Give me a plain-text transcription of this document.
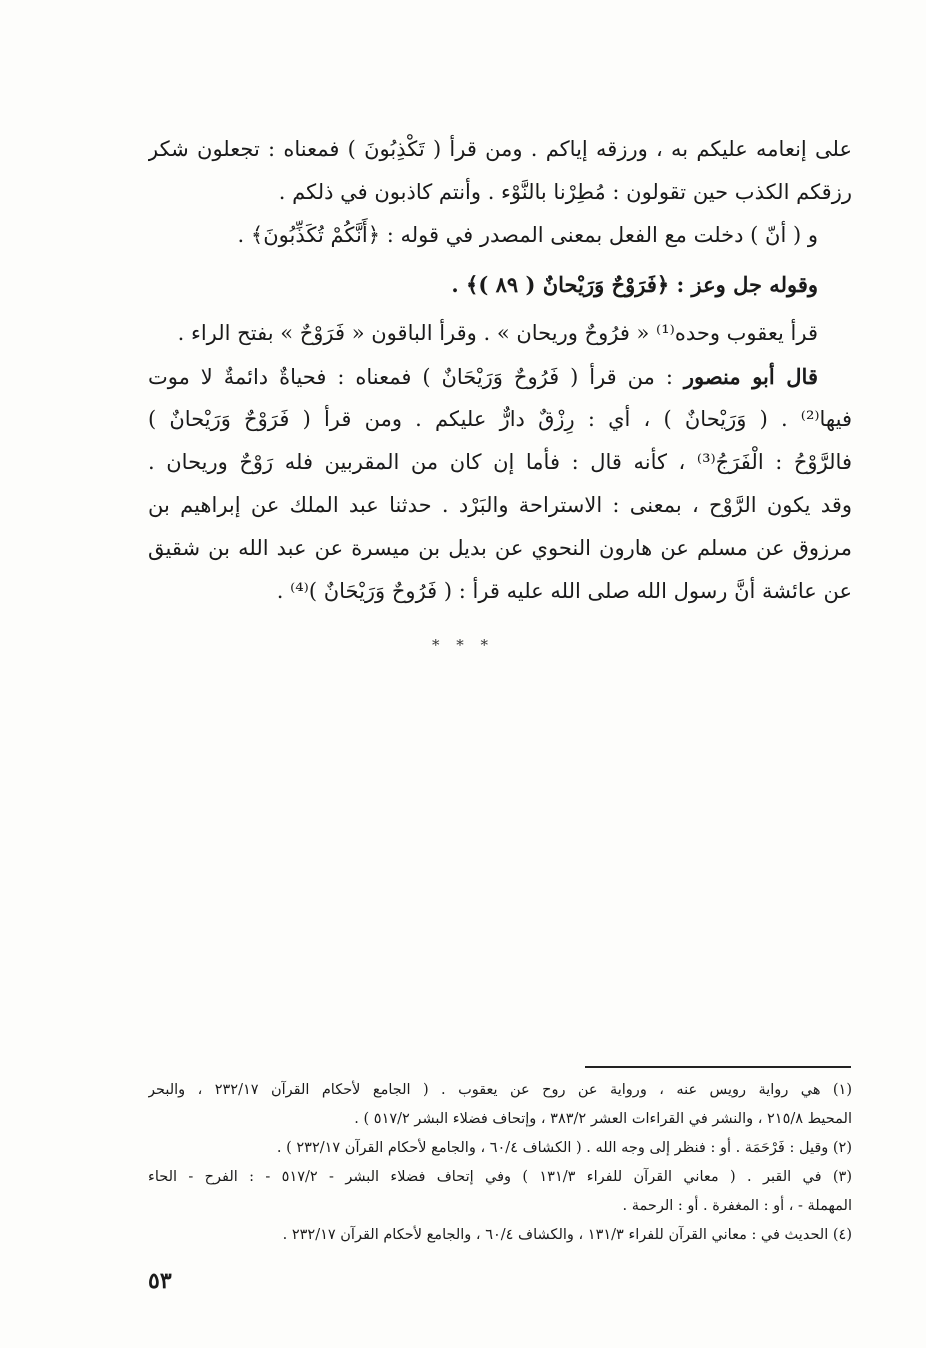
على إنعامه عليكم به ، ورزقه إياكم . ومن قرأ ( تَكْذِبُونَ ) فمعناه : تجعلون شكر
رزقكم الكذب حين تقولون : مُطِرْنا بالنَّوْء . وأنتم كاذبون في ذلكم .
و ( أنّ ) دخلت مع الفعل بمعنى المصدر في قوله : ﴿أَنَّكُمْ تُكَذِّبُونَ﴾ .
وقوله جل وعز : ﴿فَرَوْحٌ وَرَيْحانٌ ( ٨٩ )﴾ .
قرأ يعقوب وحده⁽¹⁾ « فرُوحٌ وريحان » . وقرأ الباقون « فَرَوْحٌ » بفتح الراء .
قال أبو منصور : من قرأ ( فَرُوحٌ وَرَيْحَانٌ ) فمعناه : فحياةٌ دائمةٌ لا موت
فيها⁽²⁾ . ( وَرَيْحانٌ ) ، أي : رِزْقٌ دارٌّ عليكم . ومن قرأ ( فَرَوْحٌ وَرَيْحانٌ )
فالرَّوْحُ : الْفَرَجُ⁽³⁾ ، كأنه قال : فأما إن كان من المقربين فله رَوْحٌ وريحان .
وقد يكون الرَّوْح ، بمعنى : الاستراحة والبَرْد . حدثنا عبد الملك عن إبراهيم بن
مرزوق عن مسلم عن هارون النحوي عن بديل بن ميسرة عن عبد الله بن شقيق
عن عائشة أنَّ رسول الله صلى الله عليه قرأ : ( فَرُوحٌ وَرَيْحَانٌ )⁽⁴⁾ .
* * *
(١) هي رواية رويس عنه ، ورواية عن روح عن يعقوب . ( الجامع لأحكام القرآن ٢٣٢/١٧ ، والبحر
المحيط ٢١٥/٨ ، والنشر في القراءات العشر ٣٨٣/٢ ، وإتحاف فضلاء البشر ٥١٧/٢ ) .
(٢) وقيل : فَرْحَمَة . أو : فنظر إلى وجه الله . ( الكشاف ٦٠/٤ ، والجامع لأحكام القرآن ٢٣٢/١٧ ) .
(٣) في القبر . ( معاني القرآن للفراء ١٣١/٣ ) وفي إتحاف فضلاء البشر - ٥١٧/٢ - : الفرح - الحاء
المهملة - ، أو : المغفرة . أو : الرحمة .
(٤) الحديث في : معاني القرآن للفراء ١٣١/٣ ، والكشاف ٦٠/٤ ، والجامع لأحكام القرآن ٢٣٢/١٧ .
٥٣
